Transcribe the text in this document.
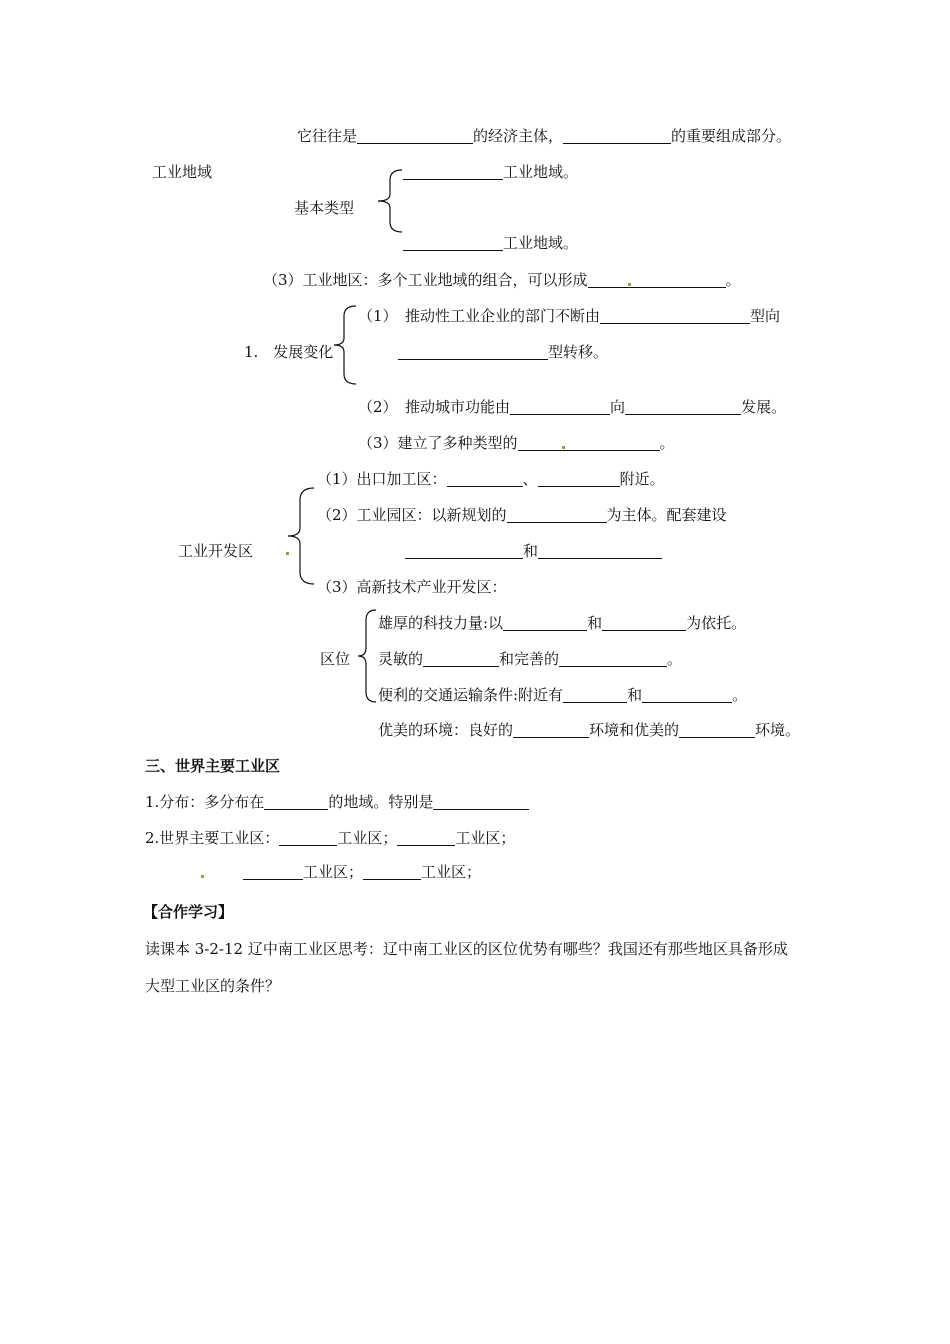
它往往是	的经济主体，	的重要组成部分。
工业地域
基本类型
工业地域。
工业地域。
（3）工业地区：多个工业地域的组合，可以形成	。
1.　发展变化
（1）　推动性工业企业的部门不断由	型向
型转移。
（2）　推动城市功能由	向	发展。
（3）建立了多种类型的	。
工业开发区
（1）出口加工区：	、	附近。
（2）工业园区：以新规划的	为主体。配套建设
和
（3）高新技术产业开发区：
区位
雄厚的科技力量:以	和	为依托。
灵敏的	和完善的	。
便利的交通运输条件:附近有	和	。
优美的环境：良好的	环境和优美的	环境。
三、世界主要工业区
1.分布：多分布在	的地域。特别是
2.世界主要工业区：	工业区；	工业区；
工业区；	工业区；
【合作学习】
读课本 3-2-12 辽中南工业区思考：辽中南工业区的区位优势有哪些？我国还有那些地区具备形成
大型工业区的条件？
